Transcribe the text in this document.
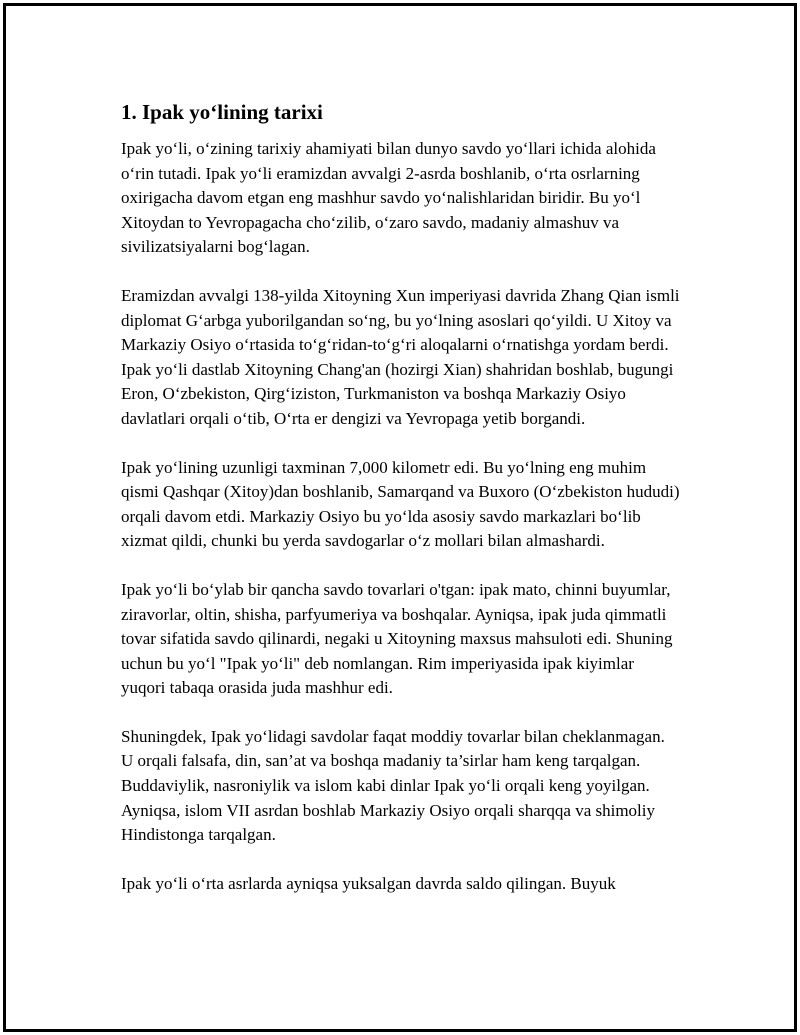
1. Ipak yo‘lining tarixi

Ipak yo‘li, o‘zining tarixiy ahamiyati bilan dunyo savdo yo‘llari ichida alohida o‘rin tutadi. Ipak yo‘li eramizdan avvalgi 2-asrda boshlanib, o‘rta osrlarning oxirigacha davom etgan eng mashhur savdo yo‘nalishlaridan biridir. Bu yo‘l Xitoydan to Yevropagacha cho‘zilib, o‘zaro savdo, madaniy almashuv va sivilizatsiyalarni bog‘lagan.

Eramizdan avvalgi 138-yilda Xitoyning Xun imperiyasi davrida Zhang Qian ismli diplomat G‘arbga yuborilgandan so‘ng, bu yo‘lning asoslari qo‘yildi. U Xitoy va Markaziy Osiyo o‘rtasida to‘g‘ridan-to‘g‘ri aloqalarni o‘rnatishga yordam berdi. Ipak yo‘li dastlab Xitoyning Chang'an (hozirgi Xian) shahridan boshlab, bugungi Eron, O‘zbekiston, Qirg‘iziston, Turkmaniston va boshqa Markaziy Osiyo davlatlari orqali o‘tib, O‘rta er dengizi va Yevropaga yetib borgandi.

Ipak yo‘lining uzunligi taxminan 7,000 kilometr edi. Bu yo‘lning eng muhim qismi Qashqar (Xitoy)dan boshlanib, Samarqand va Buxoro (O‘zbekiston hududi) orqali davom etdi. Markaziy Osiyo bu yo‘lda asosiy savdo markazlari bo‘lib xizmat qildi, chunki bu yerda savdogarlar o‘z mollari bilan almashardi.

Ipak yo‘li bo‘ylab bir qancha savdo tovarlari o'tgan: ipak mato, chinni buyumlar, ziravorlar, oltin, shisha, parfyumeriya va boshqalar. Ayniqsa, ipak juda qimmatli tovar sifatida savdo qilinardi, negaki u Xitoyning maxsus mahsuloti edi. Shuning uchun bu yo‘l "Ipak yo‘li" deb nomlangan. Rim imperiyasida ipak kiyimlar yuqori tabaqa orasida juda mashhur edi.

Shuningdek, Ipak yo‘lidagi savdolar faqat moddiy tovarlar bilan cheklanmagan. U orqali falsafa, din, san’at va boshqa madaniy ta’sirlar ham keng tarqalgan. Buddaviylik, nasroniylik va islom kabi dinlar Ipak yo‘li orqali keng yoyilgan. Ayniqsa, islom VII asrdan boshlab Markaziy Osiyo orqali sharqqa va shimoliy Hindistonga tarqalgan.

Ipak yo‘li o‘rta asrlarda ayniqsa yuksalgan davrda saldo qilingan. Buyuk
